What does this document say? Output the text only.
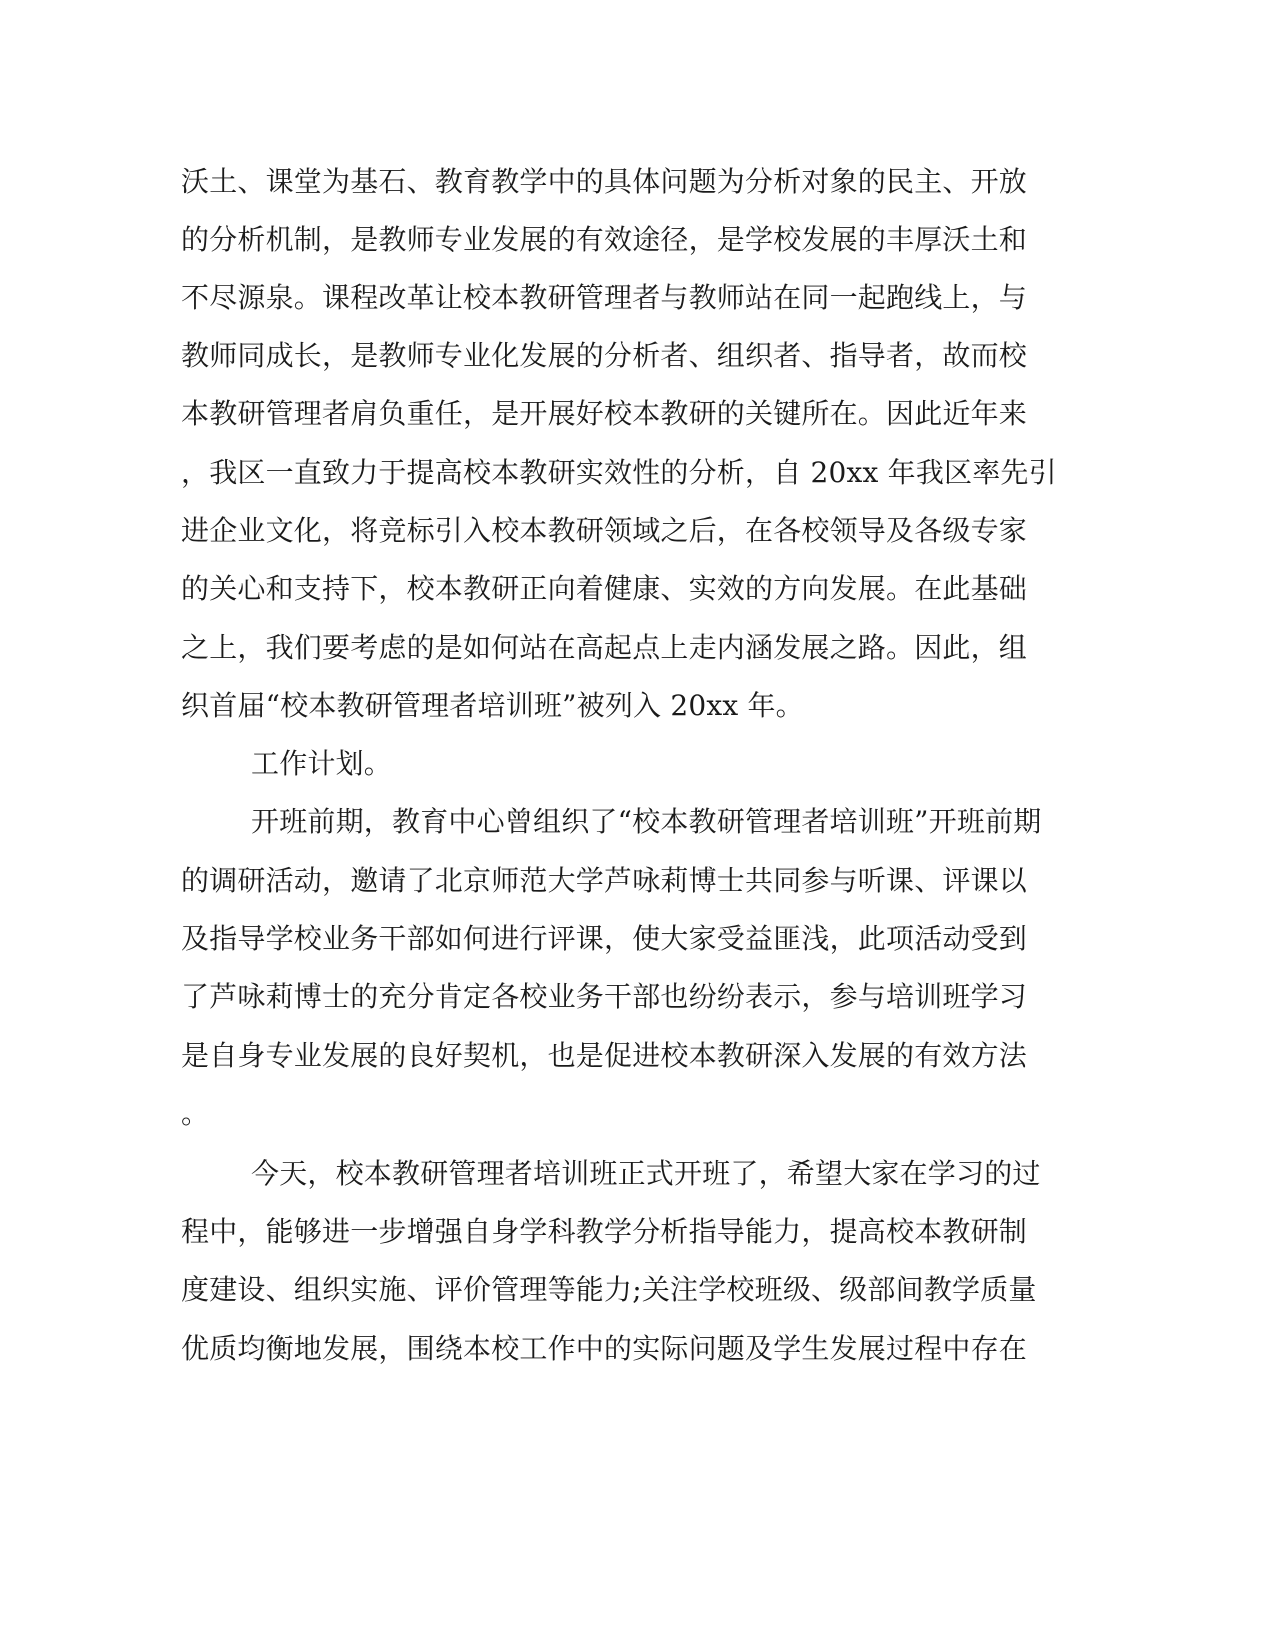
沃土、课堂为基石、教育教学中的具体问题为分析对象的民主、开放
的分析机制，是教师专业发展的有效途径，是学校发展的丰厚沃土和
不尽源泉。课程改革让校本教研管理者与教师站在同一起跑线上，与
教师同成长，是教师专业化发展的分析者、组织者、指导者，故而校
本教研管理者肩负重任，是开展好校本教研的关键所在。因此近年来
，我区一直致力于提高校本教研实效性的分析，自 20xx 年我区率先引
进企业文化，将竞标引入校本教研领域之后，在各校领导及各级专家
的关心和支持下，校本教研正向着健康、实效的方向发展。在此基础
之上，我们要考虑的是如何站在高起点上走内涵发展之路。因此，组
织首届“校本教研管理者培训班”被列入 20xx 年。
工作计划。
开班前期，教育中心曾组织了“校本教研管理者培训班”开班前期
的调研活动，邀请了北京师范大学芦咏莉博士共同参与听课、评课以
及指导学校业务干部如何进行评课，使大家受益匪浅，此项活动受到
了芦咏莉博士的充分肯定各校业务干部也纷纷表示，参与培训班学习
是自身专业发展的良好契机，也是促进校本教研深入发展的有效方法
。
今天，校本教研管理者培训班正式开班了，希望大家在学习的过
程中，能够进一步增强自身学科教学分析指导能力，提高校本教研制
度建设、组织实施、评价管理等能力;关注学校班级、级部间教学质量
优质均衡地发展，围绕本校工作中的实际问题及学生发展过程中存在
